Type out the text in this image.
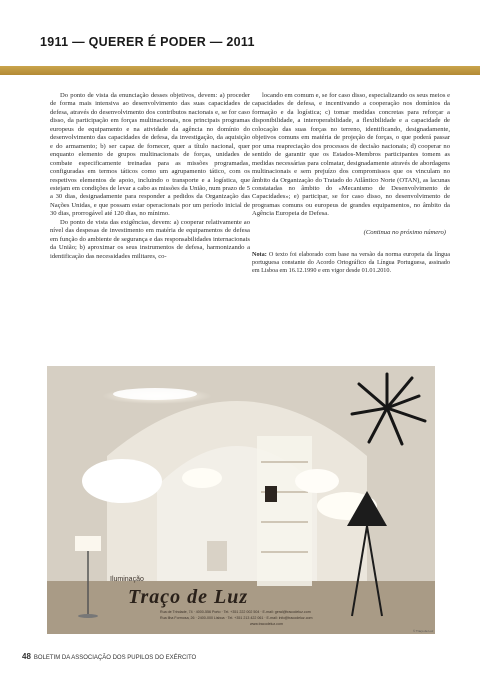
1911 — QUERER É PODER — 2011

Do ponto de vista da enunciação desses objetivos, devem: a) proceder de forma mais intensiva ao desenvolvimento das suas capacidades de defesa, através do desenvolvimento dos contributos nacionais e, se for caso disso, da participação em forças multinacionais, nos principais programas europeus de equipamento e na atividade da agência no domínio do desenvolvimento das capacidades de defesa, da investigação, da aquisição e do armamento; b) ser capaz de fornecer, quer a título nacional, quer enquanto elemento de grupos multinacionais de forças, unidades de combate especificamente treinadas para as missões programadas, configuradas em termos táticos como um agrupamento tático, com os respetivos elementos de apoio, incluindo o transporte e a logística, que estejam em condições de levar a cabo as missões da União, num prazo de 5 a 30 dias, designadamente para responder a pedidos da Organização das Nações Unidas, e que possam estar operacionais por um período inicial de 30 dias, prorrogável até 120 dias, no mínimo.

Do ponto de vista das exigências, devem: a) cooperar relativamente ao nível das despesas de investimento em matéria de equipamentos de defesa em função do ambiente de segurança e das responsabilidades internacionais da União; b) aproximar os seus instrumentos de defesa, harmonizando a identificação das necessidades militares, co-

locando em comum e, se for caso disso, especializando os seus meios e capacidades de defesa, e incentivando a cooperação nos domínios da formação e da logística; c) tomar medidas concretas para reforçar a disponibilidade, a interoperabilidade, a flexibilidade e a capacidade de colocação das suas forças no terreno, identificando, designadamente, objetivos comuns em matéria de projeção de forças, o que poderá passar por uma reapreciação dos processos de decisão nacionais; d) cooperar no sentido de garantir que os Estados-Membros participantes tomem as medidas necessárias para colmatar, designadamente através de abordagens multinacionais e sem prejuízo dos compromissos que os vinculam no âmbito da Organização do Tratado do Atlântico Norte (OTAN), as lacunas constatadas no âmbito do «Mecanismo de Desenvolvimento de Capacidades»; e) participar, se for caso disso, no desenvolvimento de programas comuns ou europeus de grandes equipamentos, no âmbito da Agência Europeia de Defesa.

(Continua no próximo número)

Nota: O texto foi elaborado com base na versão da norma europeia da língua portuguesa constante do Acordo Ortográfico da Língua Portuguesa, assinado em Lisboa em 16.12.1990 e em vigor desde 01.01.2010.

Iluminação
Traço de Luz
Rua de Trindade, 74 · 4000-556 Porto · Tel. +351 222 002 504 · E-mail: geral@tracodeluz.com
Rua Ilha Formosa, 26 · 2400-000 Lisboa · Tel. +351 213 422 061 · E-mail: info@tracodeluz.com
www.tracodeluz.com
© Traço de Luz
48 BOLETIM DA ASSOCIAÇÃO DOS PUPILOS DO EXÉRCITO
